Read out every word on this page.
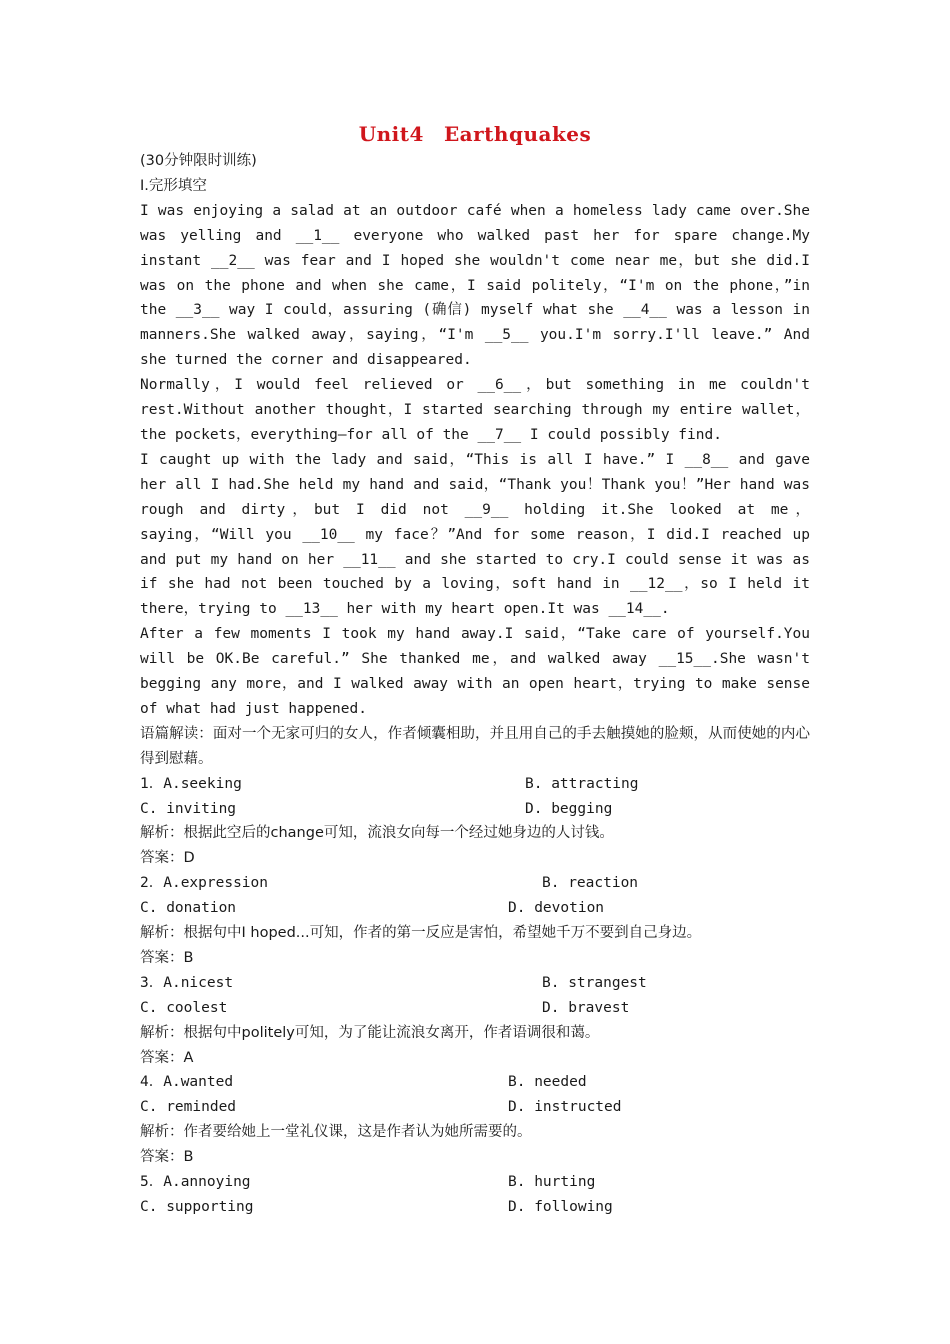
Unit4 Earthquakes
(30分钟限时训练)
I.完形填空

I was enjoying a salad at an outdoor café when a homeless lady came over.She was yelling and __1__ everyone who walked past her for spare change.My instant __2__ was fear and I hoped she wouldn't come near me，but she did.I was on the phone and when she came，I said politely，“I'm on the phone，”in the __3__ way I could，assuring (确信) myself what she __4__ was a lesson in manners.She walked away，saying，“I'm __5__ you.I'm sorry.I'll leave.” And she turned the corner and disappeared.

Normally，I would feel relieved or __6__，but something in me couldn't rest.Without another thought，I started searching through my entire wallet，the pockets，everything—for all of the __7__ I could possibly find.

I caught up with the lady and said，“This is all I have.” I __8__ and gave her all I had.She held my hand and said，“Thank you！Thank you！”Her hand was rough and dirty，but I did not __9__ holding it.She looked at me，saying，“Will you __10__ my face？”And for some reason，I did.I reached up and put my hand on her __11__ and she started to cry.I could sense it was as if she had not been touched by a loving，soft hand in __12__，so I held it there，trying to __13__ her with my heart open.It was __14__.

After a few moments I took my hand away.I said，“Take care of yourself.You will be OK.Be careful.” She thanked me，and walked away __15__.She wasn't begging any more，and I walked away with an open heart，trying to make sense of what had just happened.

语篇解读：面对一个无家可归的女人，作者倾囊相助，并且用自己的手去触摸她的脸颊，从而使她的内心得到慰藉。

1．A.seeking	B. attracting
C. inviting	D. begging
解析：根据此空后的change可知，流浪女向每一个经过她身边的人讨钱。
答案：D
2．A.expression	B. reaction
C. donation	D. devotion
解析：根据句中I hoped...可知，作者的第一反应是害怕，希望她千万不要到自己身边。
答案：B
3．A.nicest	B. strangest
C. coolest	D. bravest
解析：根据句中politely可知，为了能让流浪女离开，作者语调很和蔼。
答案：A
4．A.wanted	B. needed
C. reminded	D. instructed
解析：作者要给她上一堂礼仪课，这是作者认为她所需要的。
答案：B
5．A.annoying	B. hurting
C. supporting	D. following
